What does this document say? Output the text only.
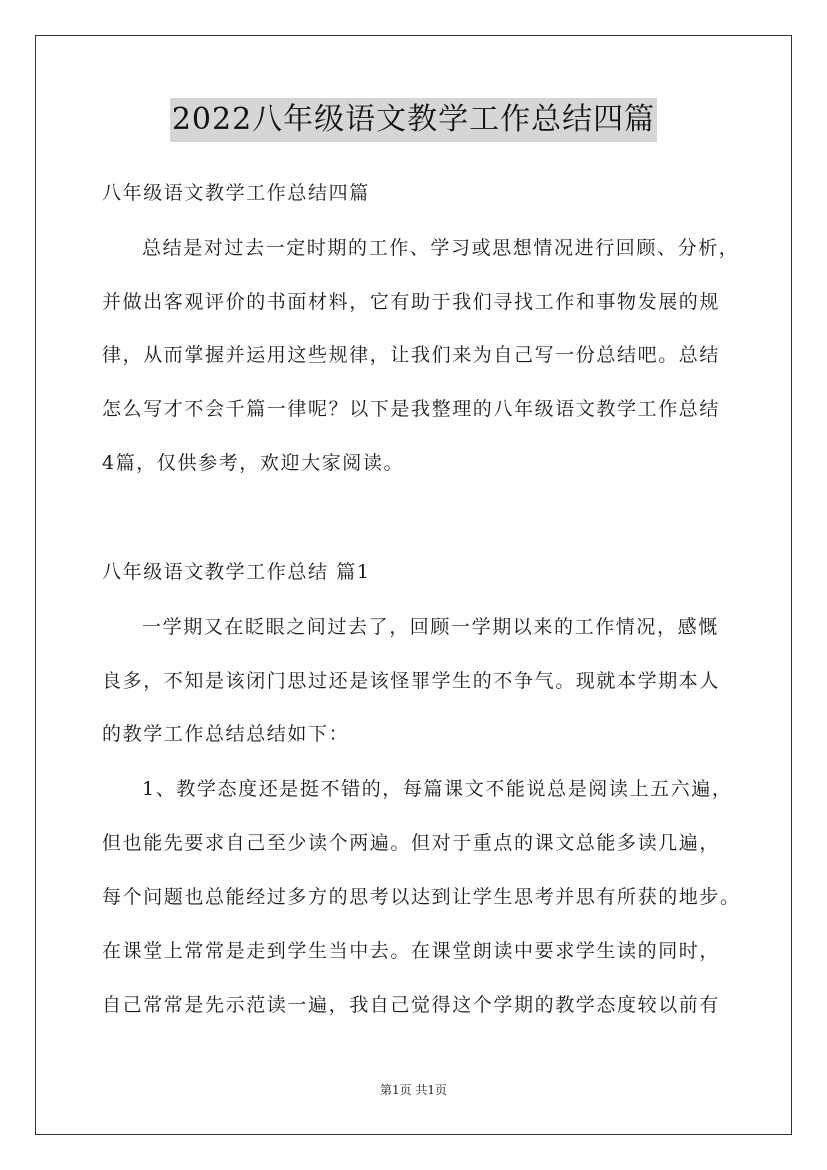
2022八年级语文教学工作总结四篇
八年级语文教学工作总结四篇
总结是对过去一定时期的工作、学习或思想情况进行回顾、分析，
并做出客观评价的书面材料，它有助于我们寻找工作和事物发展的规
律，从而掌握并运用这些规律，让我们来为自己写一份总结吧。总结
怎么写才不会千篇一律呢？以下是我整理的八年级语文教学工作总结
4篇，仅供参考，欢迎大家阅读。
八年级语文教学工作总结 篇1
一学期又在眨眼之间过去了，回顾一学期以来的工作情况，感慨
良多，不知是该闭门思过还是该怪罪学生的不争气。现就本学期本人
的教学工作总结总结如下：
1、教学态度还是挺不错的，每篇课文不能说总是阅读上五六遍，
但也能先要求自己至少读个两遍。但对于重点的课文总能多读几遍，
每个问题也总能经过多方的思考以达到让学生思考并思有所获的地步。
在课堂上常常是走到学生当中去。在课堂朗读中要求学生读的同时，
自己常常是先示范读一遍，我自己觉得这个学期的教学态度较以前有
第1页 共1页
